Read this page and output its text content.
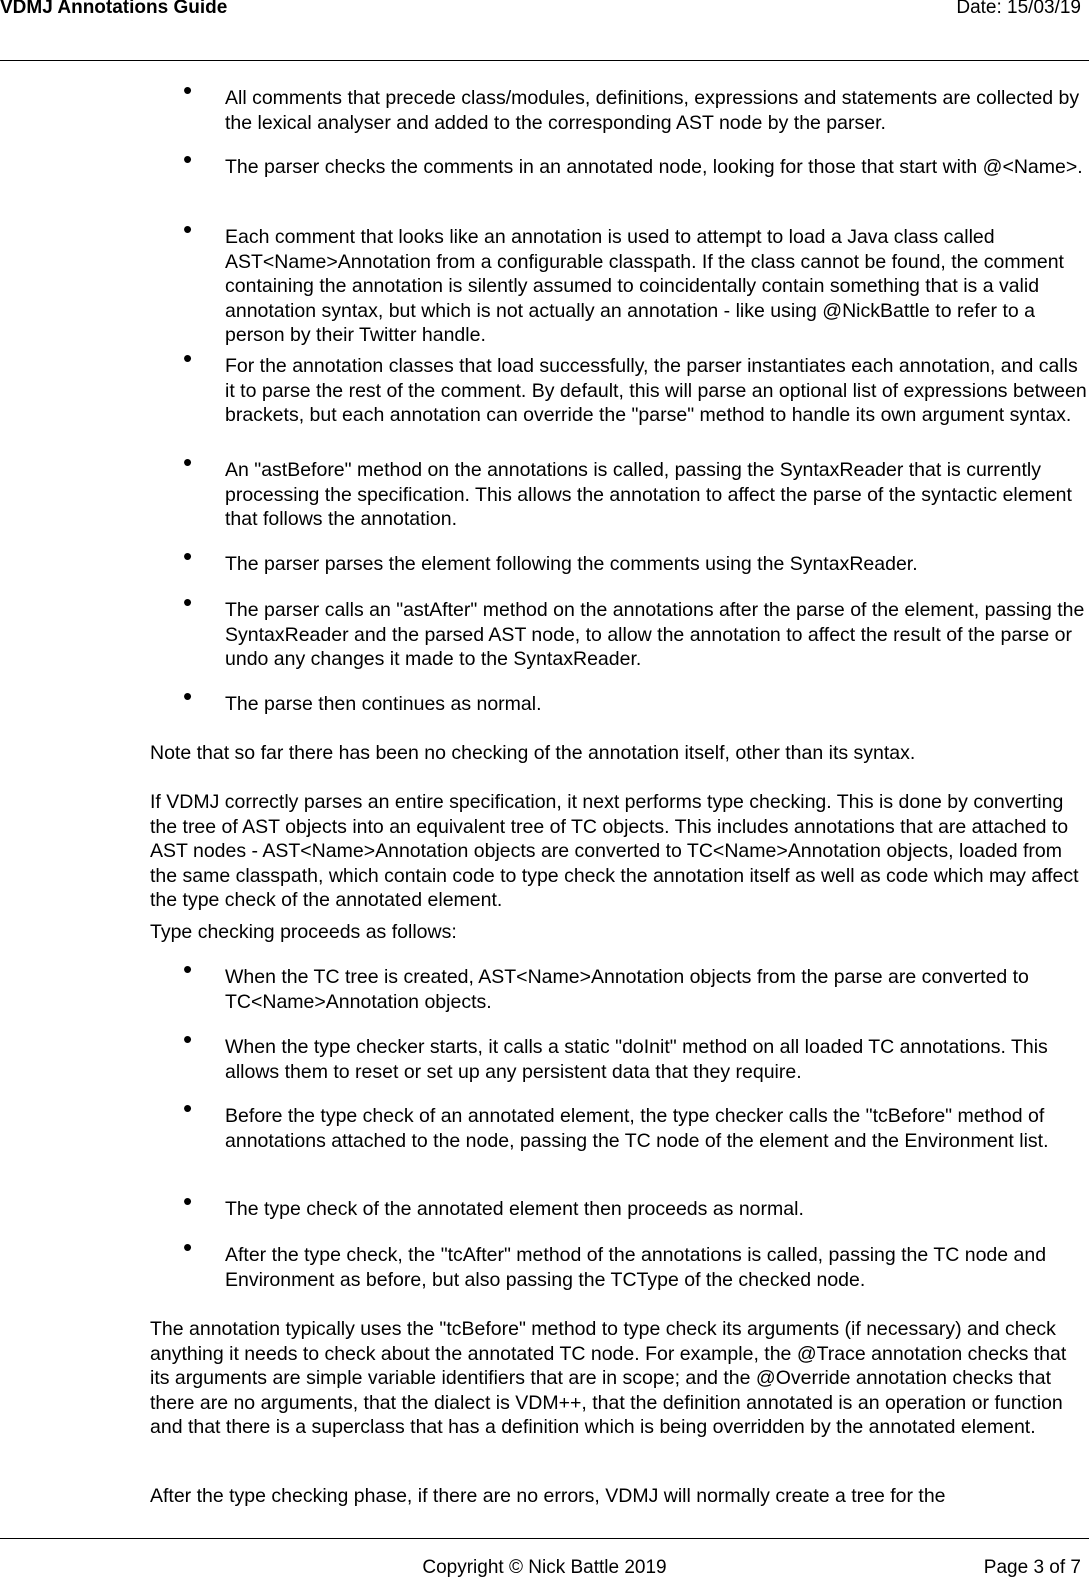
VDMJ Annotations Guide	Date: 15/03/19
• All comments that precede class/modules, definitions, expressions and statements are collected by the lexical analyser and added to the corresponding AST node by the parser.
• The parser checks the comments in an annotated node, looking for those that start with @<Name>.
• Each comment that looks like an annotation is used to attempt to load a Java class called AST<Name>Annotation from a configurable classpath. If the class cannot be found, the comment containing the annotation is silently assumed to coincidentally contain something that is a valid annotation syntax, but which is not actually an annotation - like using @NickBattle to refer to a person by their Twitter handle.
• For the annotation classes that load successfully, the parser instantiates each annotation, and calls it to parse the rest of the comment. By default, this will parse an optional list of expressions between brackets, but each annotation can override the "parse" method to handle its own argument syntax.
• An "astBefore" method on the annotations is called, passing the SyntaxReader that is currently processing the specification. This allows the annotation to affect the parse of the syntactic element that follows the annotation.
• The parser parses the element following the comments using the SyntaxReader.
• The parser calls an "astAfter" method on the annotations after the parse of the element, passing the SyntaxReader and the parsed AST node, to allow the annotation to affect the result of the parse or undo any changes it made to the SyntaxReader.
• The parse then continues as normal.
Note that so far there has been no checking of the annotation itself, other than its syntax.
If VDMJ correctly parses an entire specification, it next performs type checking. This is done by converting the tree of AST objects into an equivalent tree of TC objects. This includes annotations that are attached to AST nodes - AST<Name>Annotation objects are converted to TC<Name>Annotation objects, loaded from the same classpath, which contain code to type check the annotation itself as well as code which may affect the type check of the annotated element.
Type checking proceeds as follows:
• When the TC tree is created, AST<Name>Annotation objects from the parse are converted to TC<Name>Annotation objects.
• When the type checker starts, it calls a static "doInit" method on all loaded TC annotations. This allows them to reset or set up any persistent data that they require.
• Before the type check of an annotated element, the type checker calls the "tcBefore" method of annotations attached to the node, passing the TC node of the element and the Environment list.
• The type check of the annotated element then proceeds as normal.
• After the type check, the "tcAfter" method of the annotations is called, passing the TC node and Environment as before, but also passing the TCType of the checked node.
The annotation typically uses the "tcBefore" method to type check its arguments (if necessary) and check anything it needs to check about the annotated TC node. For example, the @Trace annotation checks that its arguments are simple variable identifiers that are in scope; and the @Override annotation checks that there are no arguments, that the dialect is VDM++, that the definition annotated is an operation or function and that there is a superclass that has a definition which is being overridden by the annotated element.
After the type checking phase, if there are no errors, VDMJ will normally create a tree for the
Copyright © Nick Battle 2019	Page 3 of 7
